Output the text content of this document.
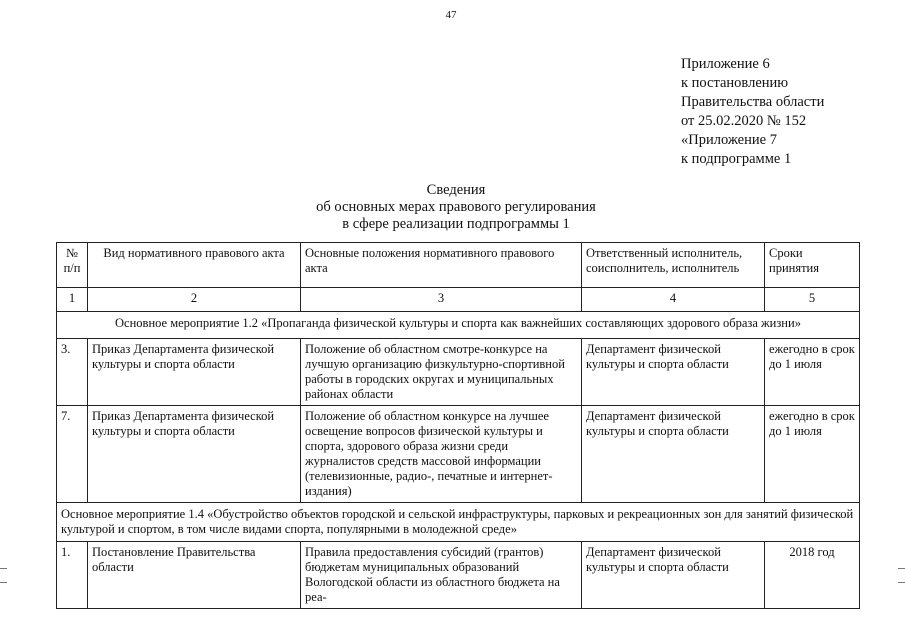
47
Приложение 6
к постановлению
Правительства области
от 25.02.2020 № 152
«Приложение 7
к подпрограмме 1
Сведения
об основных мерах правового регулирования
в сфере реализации подпрограммы 1
№ п/п	Вид нормативного правового акта	Основные положения нормативного правового акта	Ответственный исполнитель, соисполнитель, исполнитель	Сроки принятия
1	2	3	4	5
Основное мероприятие 1.2 «Пропаганда физической культуры и спорта как важнейших составляющих здорового образа жизни»				
3.	Приказ Департамента физической культуры и спорта области	Положение об областном смотре-конкурсе на лучшую организацию физкультурно-спортивной работы в городских округах и муниципальных районах области	Департамент физической культуры и спорта области	ежегодно в срок до 1 июля
7.	Приказ Департамента физической культуры и спорта области	Положение об областном конкурсе на лучшее освещение вопросов физической культуры и спорта, здорового образа жизни среди журналистов средств массовой информации (телевизионные, радио-, печатные и интернет-издания)	Департамент физической культуры и спорта области	ежегодно в срок до 1 июля
Основное мероприятие 1.4 «Обустройство объектов городской и сельской инфраструктуры, парковых и рекреационных зон для занятий физической культурой и спортом, в том числе видами спорта, популярными в молодежной среде»				
1.	Постановление Правительства области	Правила предоставления субсидий (грантов) бюджетам муниципальных образований Вологодской области из областного бюджета на реа-	Департамент физической культуры и спорта области	2018 год
